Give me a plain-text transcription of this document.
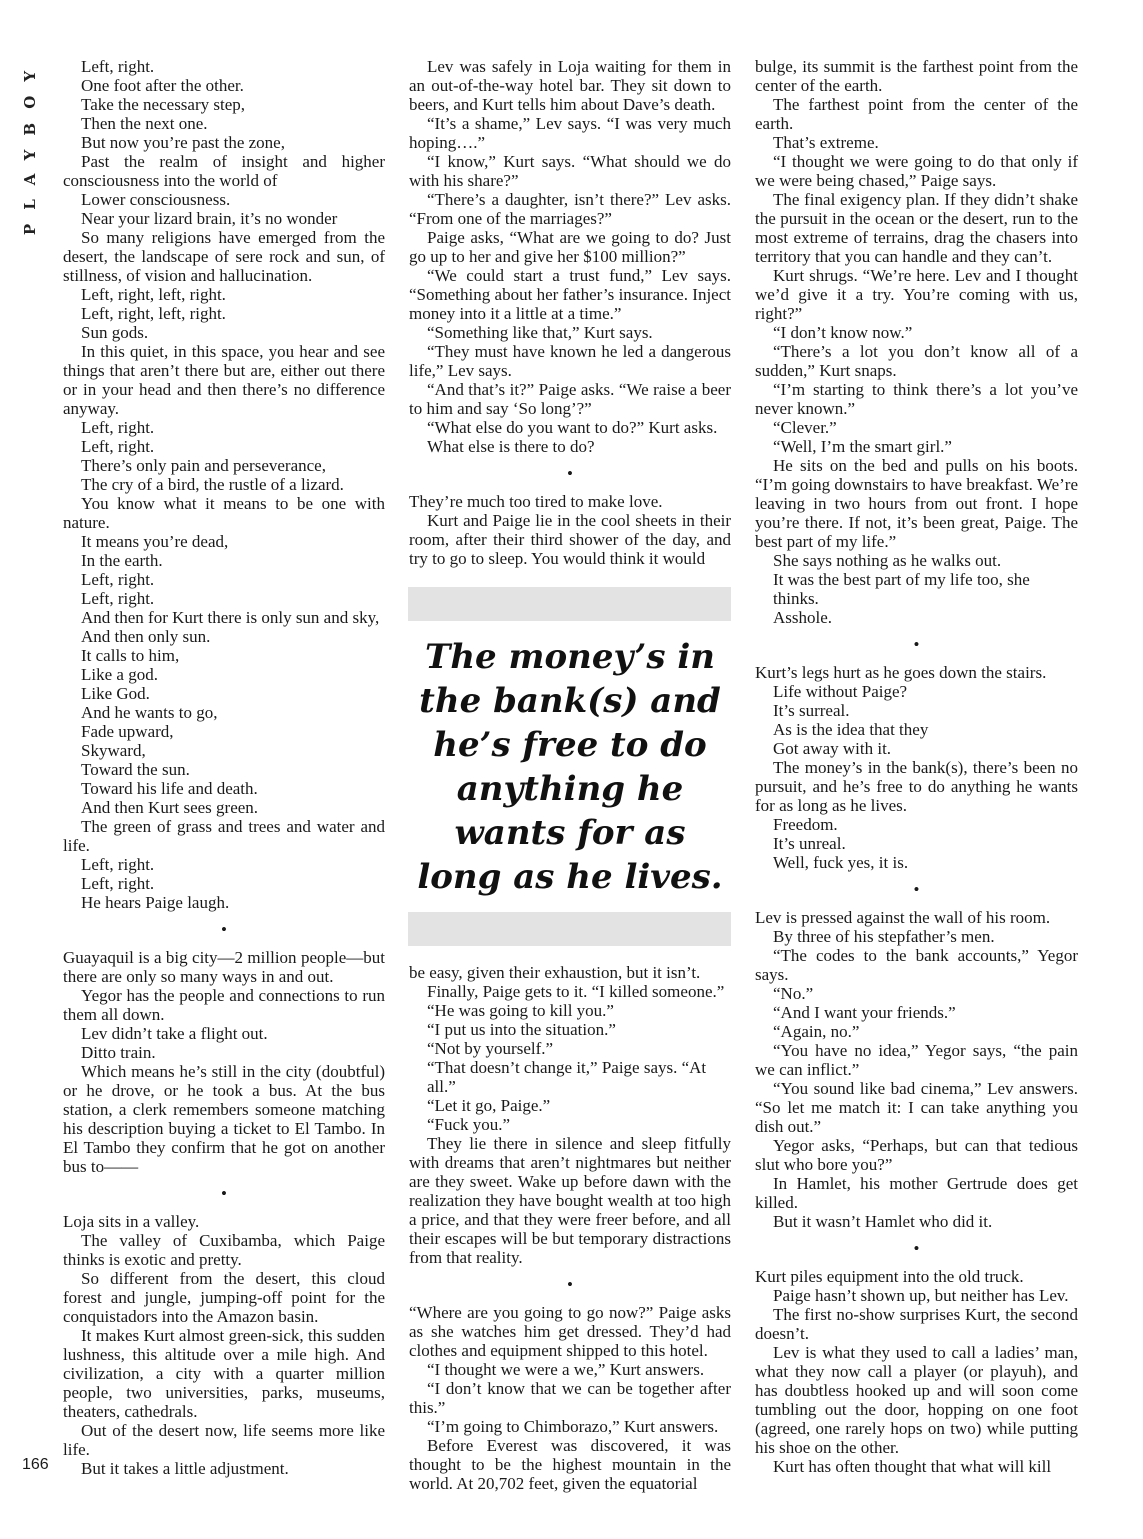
PLAYBOY	Left, right.

One foot after the other.

Take the necessary step,

Then the next one.

But now you’re past the zone,

Past the realm of insight and higher consciousness into the world of

Lower consciousness.

Near your lizard brain, it’s no wonder

So many religions have emerged from the desert, the landscape of sere rock and sun, of stillness, of vision and hallucination.

Left, right, left, right.

Left, right, left, right.

Sun gods.

In this quiet, in this space, you hear and see things that aren’t there but are, either out there or in your head and then there’s no difference anyway.

Left, right.

Left, right.

There’s only pain and perseverance,

The cry of a bird, the rustle of a lizard.

You know what it means to be one with nature.

It means you’re dead,

In the earth.

Left, right.

Left, right.

And then for Kurt there is only sun and sky,

And then only sun.

It calls to him,

Like a god.

Like God.

And he wants to go,

Fade upward,

Skyward,

Toward the sun.

Toward his life and death.

And then Kurt sees green.

The green of grass and trees and water and life.

Left, right.

Left, right.

He hears Paige laugh.

•

Guayaquil is a big city—2 million people—but there are only so many ways in and out.

Yegor has the people and connections to run them all down.

Lev didn’t take a flight out.

Ditto train.

Which means he’s still in the city (doubtful) or he drove, or he took a bus. At the bus station, a clerk remembers someone matching his description buying a ticket to El Tambo. In El Tambo they confirm that he got on another bus to——

•

Loja sits in a valley.

The valley of Cuxibamba, which Paige thinks is exotic and pretty.

So different from the desert, this cloud forest and jungle, jumping-off point for the conquistadors into the Amazon basin.

It makes Kurt almost green-sick, this sudden lushness, this altitude over a mile high. And civilization, a city with a quarter million people, two universities, parks, museums, theaters, cathedrals.

Out of the desert now, life seems more like life.

But it takes a little adjustment.

Lev was safely in Loja waiting for them in an out-of-the-way hotel bar. They sit down to beers, and Kurt tells him about Dave’s death.

“It’s a shame,” Lev says. “I was very much hoping….”

“I know,” Kurt says. “What should we do with his share?”

“There’s a daughter, isn’t there?” Lev asks. “From one of the marriages?”

Paige asks, “What are we going to do? Just go up to her and give her $100 million?”

“We could start a trust fund,” Lev says. “Something about her father’s insurance. Inject money into it a little at a time.”

“Something like that,” Kurt says.

“They must have known he led a dangerous life,” Lev says.

“And that’s it?” Paige asks. “We raise a beer to him and say ‘So long’?”

“What else do you want to do?” Kurt asks.

What else is there to do?

•

They’re much too tired to make love.

Kurt and Paige lie in the cool sheets in their room, after their third shower of the day, and try to go to sleep. You would think it would

The money’s in the bank(s) and he’s free to do anything he wants for as long as he lives.

be easy, given their exhaustion, but it isn’t.

Finally, Paige gets to it. “I killed someone.”

“He was going to kill you.”

“I put us into the situation.”

“Not by yourself.”

“That doesn’t change it,” Paige says. “At all.”

“Let it go, Paige.”

“Fuck you.”

They lie there in silence and sleep fitfully with dreams that aren’t nightmares but neither are they sweet. Wake up before dawn with the realization they have bought wealth at too high a price, and that they were freer before, and all their escapes will be but temporary distractions from that reality.

•

“Where are you going to go now?” Paige asks as she watches him get dressed. They’d had clothes and equipment shipped to this hotel.

“I thought we were a we,” Kurt answers.

“I don’t know that we can be together after this.”

“I’m going to Chimborazo,” Kurt answers.

Before Everest was discovered, it was thought to be the highest mountain in the world. At 20,702 feet, given the equatorial

bulge, its summit is the farthest point from the center of the earth.

The farthest point from the center of the earth.

That’s extreme.

“I thought we were going to do that only if we were being chased,” Paige says.

The final exigency plan. If they didn’t shake the pursuit in the ocean or the desert, run to the most extreme of terrains, drag the chasers into territory that you can handle and they can’t.

Kurt shrugs. “We’re here. Lev and I thought we’d give it a try. You’re coming with us, right?”

“I don’t know now.”

“There’s a lot you don’t know all of a sudden,” Kurt snaps.

“I’m starting to think there’s a lot you’ve never known.”

“Clever.”

“Well, I’m the smart girl.”

He sits on the bed and pulls on his boots. “I’m going downstairs to have breakfast. We’re leaving in two hours from out front. I hope you’re there. If not, it’s been great, Paige. The best part of my life.”

She says nothing as he walks out.

It was the best part of my life too, she thinks.

Asshole.

•

Kurt’s legs hurt as he goes down the stairs.

Life without Paige?

It’s surreal.

As is the idea that they

Got away with it.

The money’s in the bank(s), there’s been no pursuit, and he’s free to do anything he wants for as long as he lives.

Freedom.

It’s unreal.

Well, fuck yes, it is.

•

Lev is pressed against the wall of his room.

By three of his stepfather’s men.

“The codes to the bank accounts,” Yegor says.

“No.”

“And I want your friends.”

“Again, no.”

“You have no idea,” Yegor says, “the pain we can inflict.”

“You sound like bad cinema,” Lev answers. “So let me match it: I can take anything you dish out.”

Yegor asks, “Perhaps, but can that tedious slut who bore you?”

In Hamlet, his mother Gertrude does get killed.

But it wasn’t Hamlet who did it.

•

Kurt piles equipment into the old truck.

Paige hasn’t shown up, but neither has Lev.

The first no-show surprises Kurt, the second doesn’t.

Lev is what they used to call a ladies’ man, what they now call a player (or playuh), and has doubtless hooked up and will soon come tumbling out the door, hopping on one foot (agreed, one rarely hops on two) while putting his shoe on the other.

Kurt has often thought that what will kill

166
